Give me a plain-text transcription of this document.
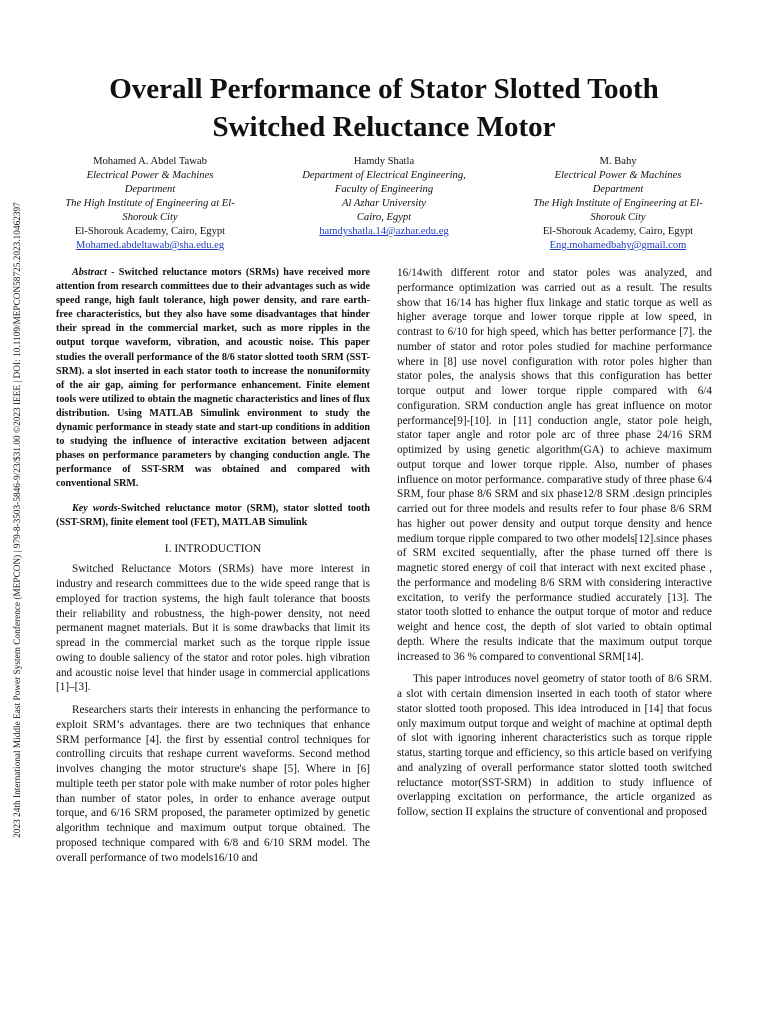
2023 24th International Middle East Power System Conference (MEPCON) | 979-8-3503-5846-9/23/$31.00 ©2023 IEEE | DOI: 10.1109/MEPCON58725.2023.10462397
Overall Performance of Stator Slotted Tooth
Switched Reluctance Motor
Mohamed A. Abdel Tawab
Electrical Power & Machines
Department
The High Institute of Engineering at El-
Shorouk City
El-Shorouk Academy, Cairo, Egypt
Mohamed.abdeltawab@sha.edu.eg
Hamdy Shatla
Department of Electrical Engineering,
Faculty of Engineering
Al Azhar University
Cairo, Egypt
hamdyshatla.14@azhar.edu.eg
M. Bahy
Electrical Power & Machines
Department
The High Institute of Engineering at El-
Shorouk City
El-Shorouk Academy, Cairo, Egypt
Eng.mohamedbahy@gmail.com

Abstract - Switched reluctance motors (SRMs) have received more attention from research committees due to their advantages such as wide speed range, high fault tolerance, high power density, and rare earth-free characteristics, but they also have some disadvantages that hinder their spread in the commercial market, such as more ripples in the output torque waveform, vibration, and acoustic noise. This paper studies the overall performance of the 8/6 stator slotted tooth SRM (SST-SRM). a slot inserted in each stator tooth to increase the nonuniformity of the air gap, aiming for performance enhancement. Finite element tools were utilized to obtain the magnetic characteristics and lines of flux distribution. Using MATLAB Simulink environment to study the dynamic performance in steady state and start-up conditions in addition to studying the influence of interactive excitation between adjacent phases on performance parameters by changing conduction angle. The performance of SST-SRM was obtained and compared with conventional SRM.

Key words-Switched reluctance motor (SRM), stator slotted tooth (SST-SRM), finite element tool (FET), MATLAB Simulink

I. INTRODUCTION

Switched Reluctance Motors (SRMs) have more interest in industry and research committees due to the wide speed range that is employed for traction systems, the high fault tolerance that boosts their reliability and robustness, the high-power density, not need permanent magnet materials. But it is some drawbacks that limit its spread in the commercial market such as the torque ripple issue owing to double saliency of the stator and rotor poles. high vibration and acoustic noise level that hinder usage in commercial applications [1]–[3].

Researchers starts their interests in enhancing the performance to exploit SRM’s advantages. there are two techniques that enhance SRM performance [4]. the first by essential control techniques for controlling circuits that reshape current waveforms. Second method involves changing the motor structure's shape [5]. Where in [6] multiple teeth per stator pole with make number of rotor poles higher than number of stator poles, in order to enhance average output torque, and 6/16 SRM proposed, the parameter optimized by genetic algorithm technique and maximum output torque obtained. The proposed technique compared with 6/8 and 6/10 SRM model. The overall performance of two models16/10 and

16/14with different rotor and stator poles was analyzed, and performance optimization was carried out as a result. The results show that 16/14 has higher flux linkage and static torque as well as higher average torque and lower torque ripple at low speed, in contrast to 6/10 for high speed, which has better performance [7]. the number of stator and rotor poles studied for machine performance where in [8] use novel configuration with rotor poles higher than stator poles, the analysis shows that this configuration has better torque output and lower torque ripple compared with 6/4 configuration. SRM conduction angle has great influence on motor performance[9]-[10]. in [11] conduction angle, stator pole heigh, stator taper angle and rotor pole arc of three phase 24/16 SRM optimized by using genetic algorithm(GA) to achieve maximum output torque and lower torque ripple. Also, number of phases influence on motor performance. comparative study of three phase 6/4 SRM, four phase 8/6 SRM and six phase12/8 SRM .design principles carried out for three models and results refer to four phase 8/6 SRM has higher out power density and output torque density and hence medium torque ripple compared to two other models[12].since phases of SRM excited sequentially, after the phase turned off there is magnetic stored energy of coil that interact with next excited phase , the performance and modeling 8/6 SRM with considering interactive excitation, to verify the performance studied accurately [13]. The stator tooth slotted to enhance the output torque of motor and reduce weight and hence cost, the depth of slot varied to obtain optimal depth. Where the results indicate that the maximum output torque increased to 36 % compared to conventional SRM[14].

This paper introduces novel geometry of stator tooth of 8/6 SRM. a slot with certain dimension inserted in each tooth of stator where stator slotted tooth proposed. This idea introduced in [14] that focus only maximum output torque and weight of machine at optimal depth of slot with ignoring inherent characteristics such as torque ripple status, starting torque and efficiency, so this article based on verifying and analyzing of overall performance stator slotted tooth switched reluctance motor(SST-SRM) in addition to study influence of overlapping excitation on performance, the article organized as follow, section II explains the structure of conventional and proposed
